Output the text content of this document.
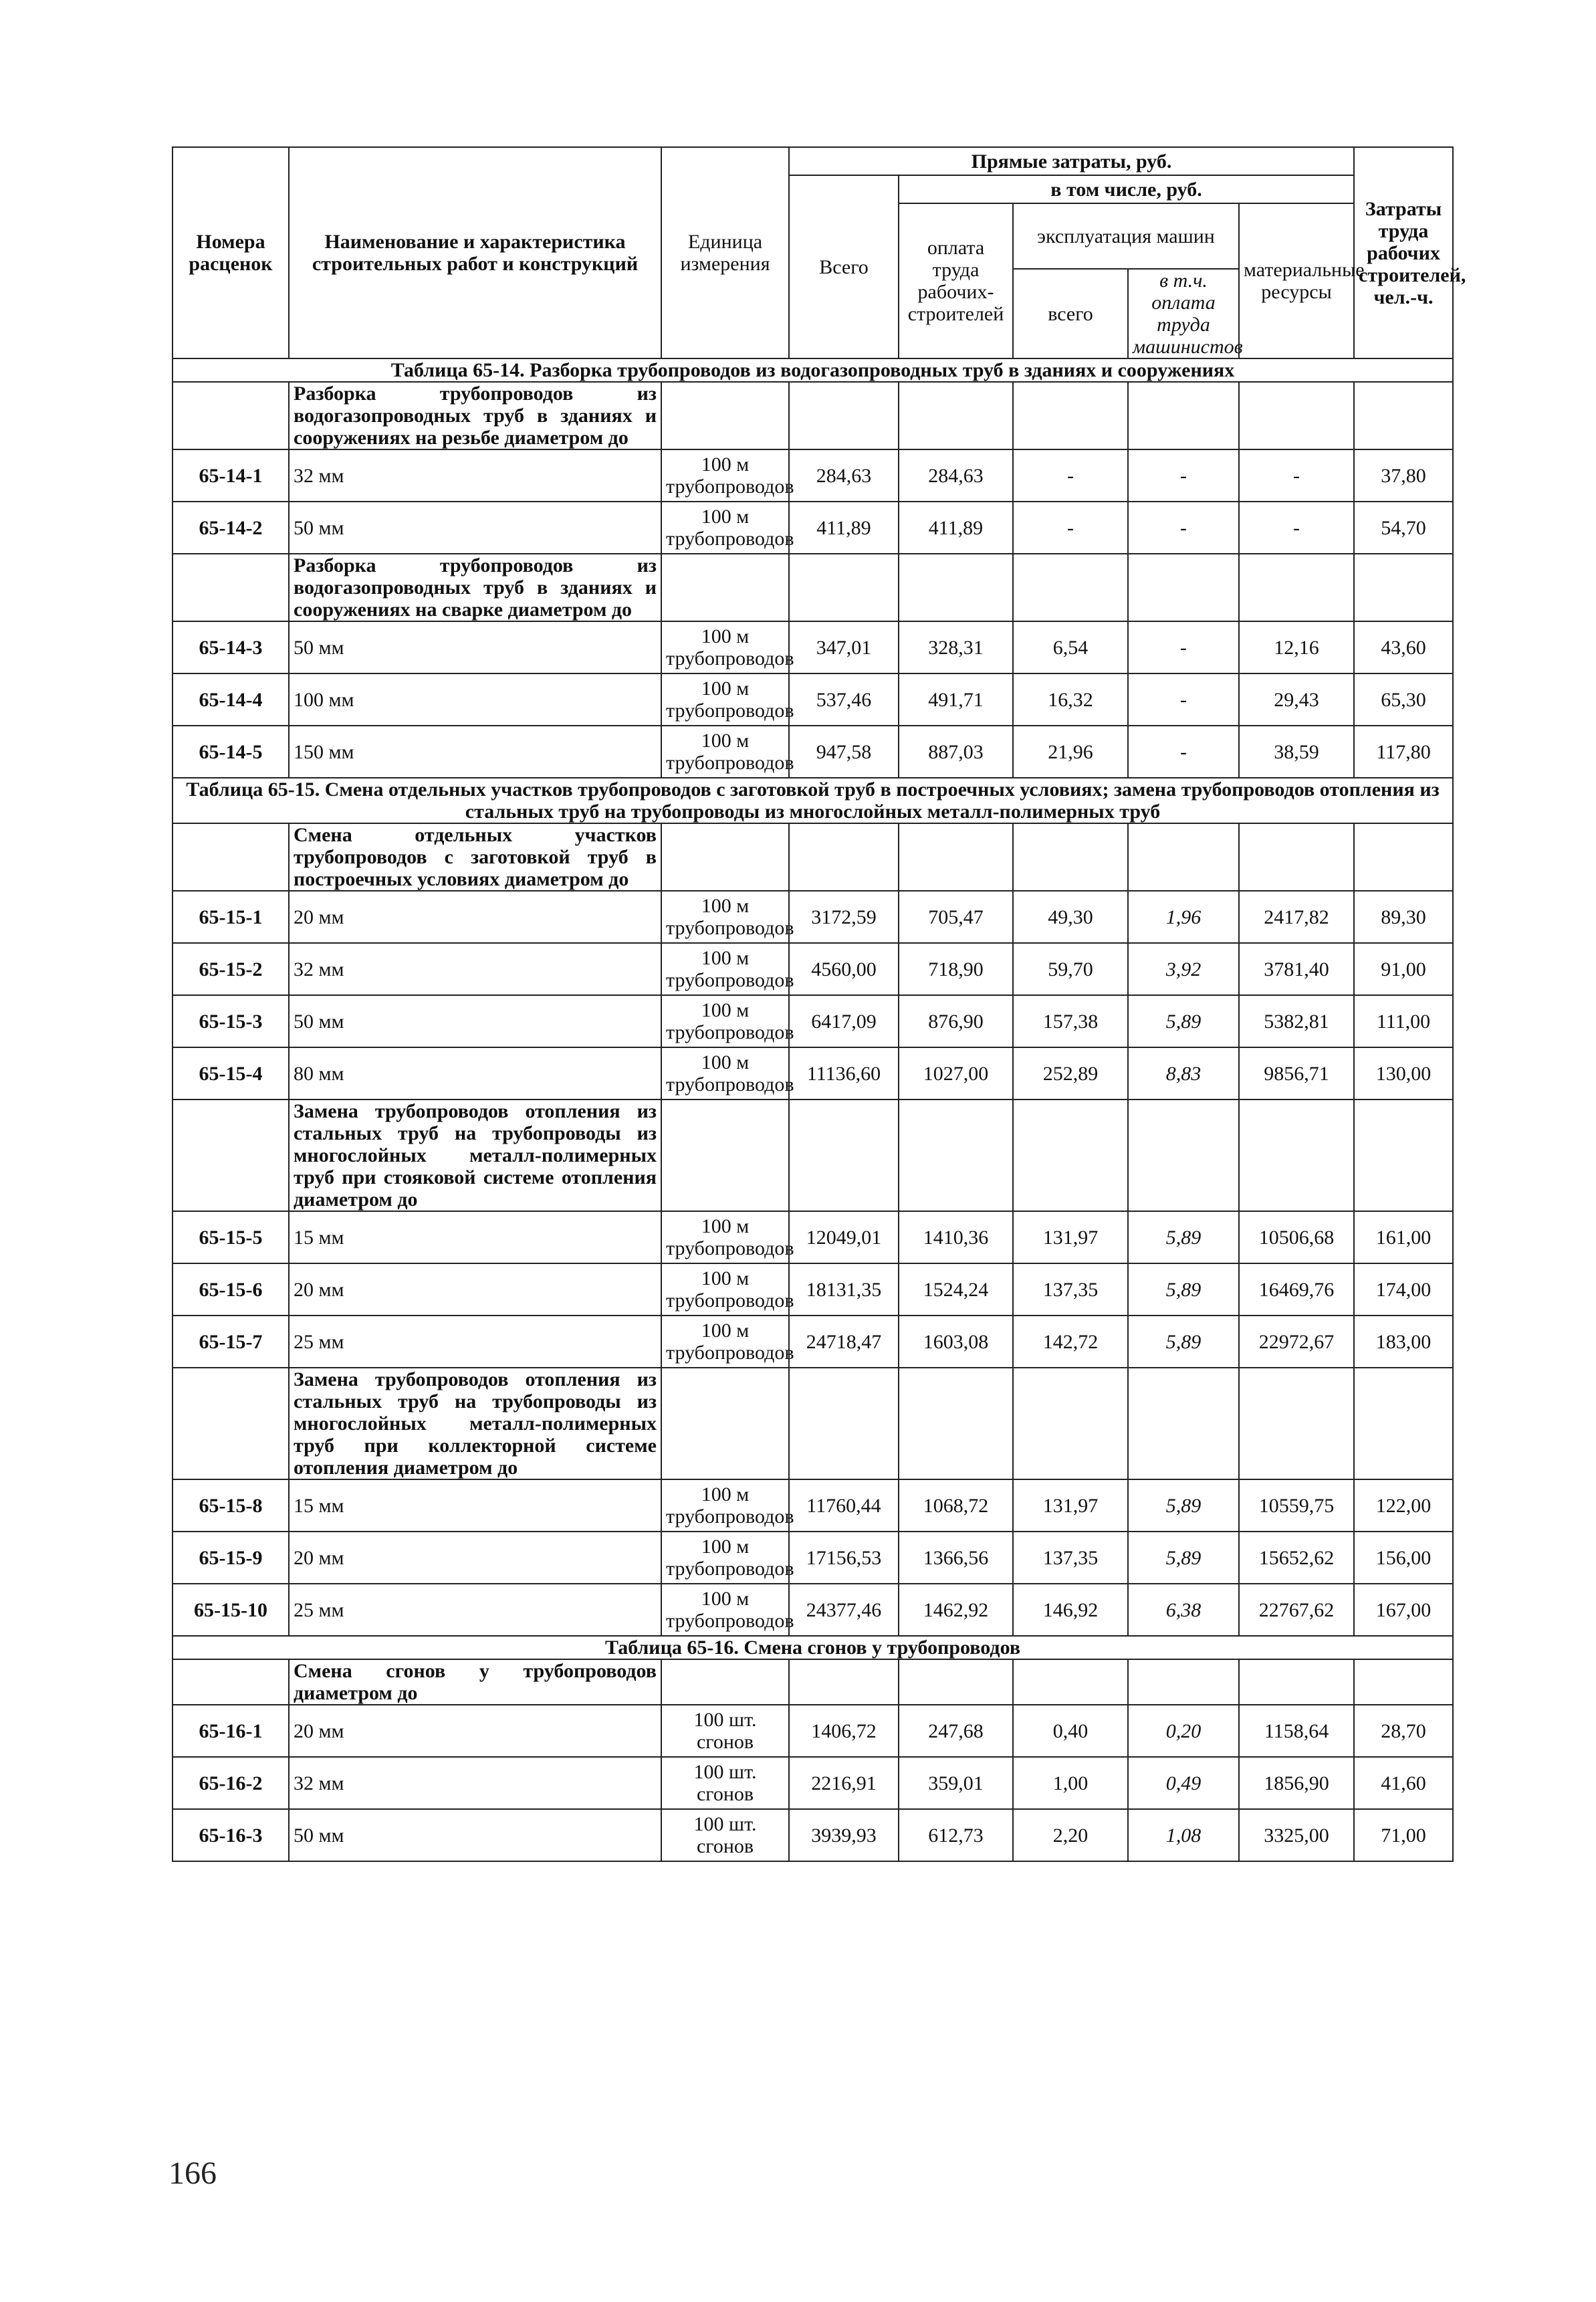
Номера расценок	Наименование и характеристика строительных работ и конструкций	Единица измерения	Прямые затраты, руб.					Затраты труда рабочих строителей, чел.-ч.
			Всего	в том числе, руб.				
				оплата труда рабочих-строителей	эксплуатация машин		материальные ресурсы	
					всего	в т.ч. оплата труда машинистов		
Таблица 65-14. Разборка трубопроводов из водогазопроводных труб в зданиях и сооружениях								
	Разборка трубопроводов из водогазопроводных труб в зданиях и сооружениях на резьбе диаметром до							
65-14-1	32 мм	100 м трубопроводов	284,63	284,63	-	-	-	37,80
65-14-2	50 мм	100 м трубопроводов	411,89	411,89	-	-	-	54,70
	Разборка трубопроводов из водогазопроводных труб в зданиях и сооружениях на сварке диаметром до							
65-14-3	50 мм	100 м трубопроводов	347,01	328,31	6,54	-	12,16	43,60
65-14-4	100 мм	100 м трубопроводов	537,46	491,71	16,32	-	29,43	65,30
65-14-5	150 мм	100 м трубопроводов	947,58	887,03	21,96	-	38,59	117,80
Таблица 65-15. Смена отдельных участков трубопроводов с заготовкой труб в построечных условиях; замена трубопроводов отопления из стальных труб на трубопроводы из многослойных металл-полимерных труб								
	Смена отдельных участков трубопроводов с заготовкой труб в построечных условиях диаметром до							
65-15-1	20 мм	100 м трубопроводов	3172,59	705,47	49,30	1,96	2417,82	89,30
65-15-2	32 мм	100 м трубопроводов	4560,00	718,90	59,70	3,92	3781,40	91,00
65-15-3	50 мм	100 м трубопроводов	6417,09	876,90	157,38	5,89	5382,81	111,00
65-15-4	80 мм	100 м трубопроводов	11136,60	1027,00	252,89	8,83	9856,71	130,00
	Замена трубопроводов отопления из стальных труб на трубопроводы из многослойных металл-полимерных труб при стояковой системе отопления диаметром до							
65-15-5	15 мм	100 м трубопроводов	12049,01	1410,36	131,97	5,89	10506,68	161,00
65-15-6	20 мм	100 м трубопроводов	18131,35	1524,24	137,35	5,89	16469,76	174,00
65-15-7	25 мм	100 м трубопроводов	24718,47	1603,08	142,72	5,89	22972,67	183,00
	Замена трубопроводов отопления из стальных труб на трубопроводы из многослойных металл-полимерных труб при коллекторной системе отопления диаметром до							
65-15-8	15 мм	100 м трубопроводов	11760,44	1068,72	131,97	5,89	10559,75	122,00
65-15-9	20 мм	100 м трубопроводов	17156,53	1366,56	137,35	5,89	15652,62	156,00
65-15-10	25 мм	100 м трубопроводов	24377,46	1462,92	146,92	6,38	22767,62	167,00
Таблица 65-16. Смена сгонов у трубопроводов								
	Смена сгонов у трубопроводов диаметром до							
65-16-1	20 мм	100 шт. сгонов	1406,72	247,68	0,40	0,20	1158,64	28,70
65-16-2	32 мм	100 шт. сгонов	2216,91	359,01	1,00	0,49	1856,90	41,60
65-16-3	50 мм	100 шт. сгонов	3939,93	612,73	2,20	1,08	3325,00	71,00
166
